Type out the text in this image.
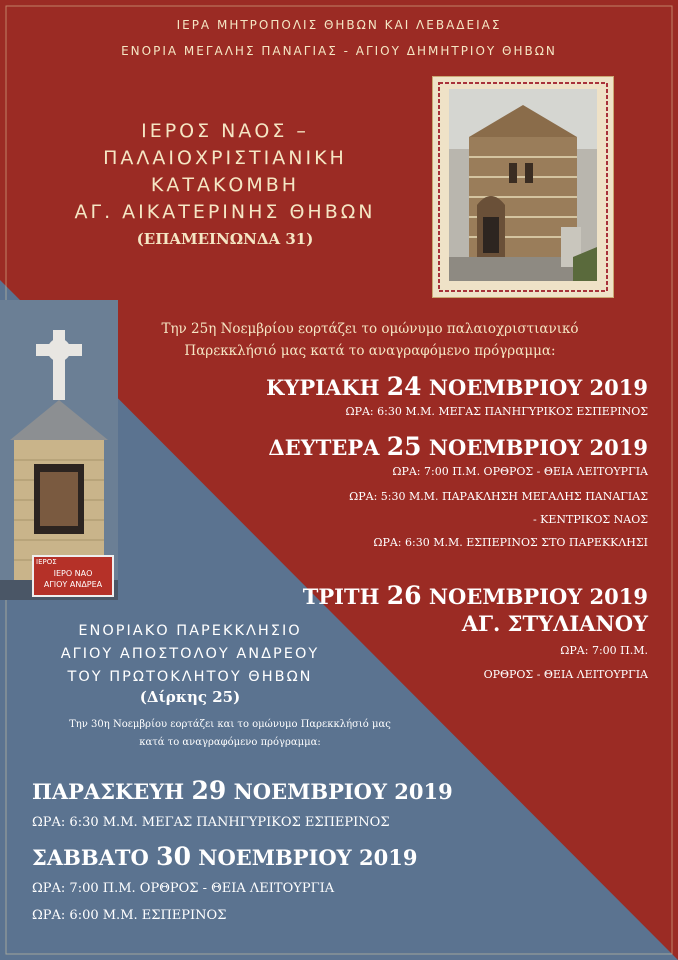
ΙΕΡΑ ΜΗΤΡΟΠΟΛΙΣ ΘΗΒΩΝ ΚΑΙ ΛΕΒΑΔΕΙΑΣ
ΕΝΟΡΙΑ ΜΕΓΑΛΗΣ ΠΑΝΑΓΙΑΣ - ΑΓΙΟΥ ΔΗΜΗΤΡΙΟΥ ΘΗΒΩΝ
ΙΕΡΟΣ ΝΑΟΣ –
ΠΑΛΑΙΟΧΡΙΣΤΙΑΝΙΚΗ
ΚΑΤΑΚΟΜΒΗ
ΑΓ. ΑΙΚΑΤΕΡΙΝΗΣ ΘΗΒΩΝ
(ΕΠΑΜΕΙΝΩΝΔΑ 31)
Την 25η Νοεμβρίου εορτάζει το ομώνυμο παλαιοχριστιανικό
Παρεκκλήσιό μας κατά το αναγραφόμενο πρόγραμμα:
ΚΥΡΙΑΚΗ 24 ΝΟΕΜΒΡΙΟΥ 2019
ΩΡΑ: 6:30 Μ.Μ. ΜΕΓΑΣ ΠΑΝΗΓΥΡΙΚΟΣ ΕΣΠΕΡΙΝΟΣ
ΔΕΥΤΕΡΑ 25 ΝΟΕΜΒΡΙΟΥ 2019
ΩΡΑ: 7:00 Π.Μ. ΟΡΘΡΟΣ - ΘΕΙΑ ΛΕΙΤΟΥΡΓΙΑ
ΩΡΑ: 5:30 Μ.Μ. ΠΑΡΑΚΛΗΣΗ ΜΕΓΑΛΗΣ ΠΑΝΑΓΙΑΣ
- ΚΕΝΤΡΙΚΟΣ ΝΑΟΣ
ΩΡΑ: 6:30 Μ.Μ. ΕΣΠΕΡΙΝΟΣ ΣΤΟ ΠΑΡΕΚΚΛΗΣΙ
ΤΡΙΤΗ 26 ΝΟΕΜΒΡΙΟΥ 2019
ΑΓ. ΣΤΥΛΙΑΝΟΥ
ΩΡΑ: 7:00 Π.Μ.
ΟΡΘΡΟΣ - ΘΕΙΑ ΛΕΙΤΟΥΡΓΙΑ
ΙΕΡΟΣ
ΙΕΡΟ ΝΑΟ
ΑΓΙΟΥ ΑΝΔΡΕΑ
ΕΝΟΡΙΑΚΟ ΠΑΡΕΚΚΛΗΣΙΟ
ΑΓΙΟΥ ΑΠΟΣΤΟΛΟΥ ΑΝΔΡΕΟΥ
ΤΟΥ ΠΡΩΤΟΚΛΗΤΟΥ ΘΗΒΩΝ
(Δίρκης 25)
Την 30η Νοεμβρίου εορτάζει και το ομώνυμο Παρεκκλήσιό μας
κατά το αναγραφόμενο πρόγραμμα:
ΠΑΡΑΣΚΕΥΗ 29 ΝΟΕΜΒΡΙΟΥ 2019
ΩΡΑ: 6:30 Μ.Μ. ΜΕΓΑΣ ΠΑΝΗΓΥΡΙΚΟΣ ΕΣΠΕΡΙΝΟΣ
ΣΑΒΒΑΤΟ 30 ΝΟΕΜΒΡΙΟΥ 2019
ΩΡΑ: 7:00 Π.Μ. ΟΡΘΡΟΣ - ΘΕΙΑ ΛΕΙΤΟΥΡΓΙΑ
ΩΡΑ: 6:00 Μ.Μ. ΕΣΠΕΡΙΝΟΣ
